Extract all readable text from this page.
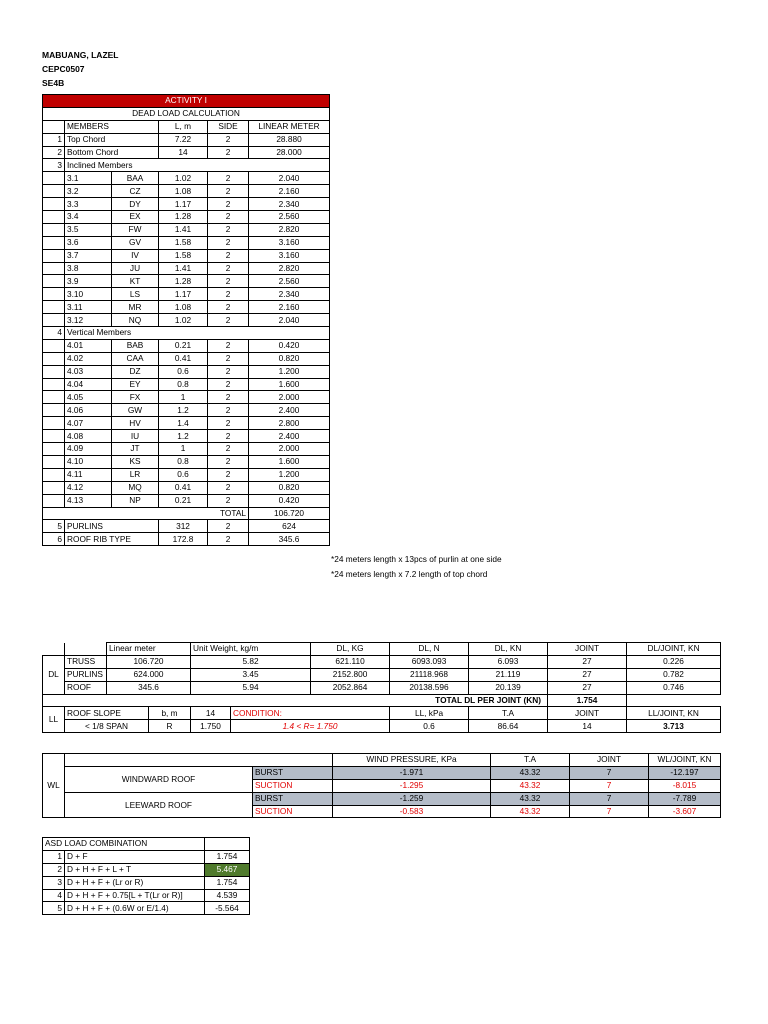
MABUANG, LAZEL
CEPC0507
SE4B
ACTIVITY I					
DEAD LOAD CALCULATION					
	MEMBERS		L, m	SIDE	LINEAR METER
1	Top Chord		7.22	2	28.880
2	Bottom Chord		14	2	28.000
3	Inclined Members				
	3.1	BAA	1.02	2	2.040
	3.2	CZ	1.08	2	2.160
	3.3	DY	1.17	2	2.340
	3.4	EX	1.28	2	2.560
	3.5	FW	1.41	2	2.820
	3.6	GV	1.58	2	3.160
	3.7	IV	1.58	2	3.160
	3.8	JU	1.41	2	2.820
	3.9	KT	1.28	2	2.560
	3.10	LS	1.17	2	2.340
	3.11	MR	1.08	2	2.160
	3.12	NQ	1.02	2	2.040
4	Vertical Members				
	4.01	BAB	0.21	2	0.420
	4.02	CAA	0.41	2	0.820
	4.03	DZ	0.6	2	1.200
	4.04	EY	0.8	2	1.600
	4.05	FX	1	2	2.000
	4.06	GW	1.2	2	2.400
	4.07	HV	1.4	2	2.800
	4.08	IU	1.2	2	2.400
	4.09	JT	1	2	2.000
	4.10	KS	0.8	2	1.600
	4.11	LR	0.6	2	1.200
	4.12	MQ	0.41	2	0.820
	4.13	NP	0.21	2	0.420
TOTAL					106.720
5	PURLINS		312	2	624
6	ROOF RIB TYPE		172.8	2	345.6
*24 meters length x 13pcs of purlin at one side
*24 meters length x 7.2 length of top chord
		Linear meter		Unit Weight, kg/m		DL, KG	DL, N	DL, KN	JOINT	DL/JOINT, KN
DL	TRUSS	106.720		5.82		621.110	6093.093	6.093	27	0.226
	PURLINS	624.000		3.45		2152.800	21118.968	21.119	27	0.782
	ROOF	345.6		5.94		2052.864	20138.596	20.139	27	0.746
TOTAL DL PER JOINT (KN)									1.754	
LL	ROOF SLOPE		b, m	14	CONDITION:		LL, kPa	T.A	JOINT	LL/JOINT, KN
	< 1/8 SPAN		R	1.750	1.4 < R= 1.750		0.6	86.64	14	3.713
WL			WIND PRESSURE, KPa	T.A	JOINT	WL/JOINT, KN
	WINDWARD ROOF	BURST	-1.971	43.32	7	-12.197
		SUCTION	-1.295	43.32	7	-8.015
	LEEWARD ROOF	BURST	-1.259	43.32	7	-7.789
		SUCTION	-0.583	43.32	7	-3.607
ASD LOAD COMBINATION		
1	D + F	1.754
2	D + H + F + L + T	5.467
3	D + H + F + (Lr or R)	1.754
4	D + H + F + 0.75[L + T(Lr or R)]	4.539
5	D + H + F + (0.6W or E/1.4)	-5.564
